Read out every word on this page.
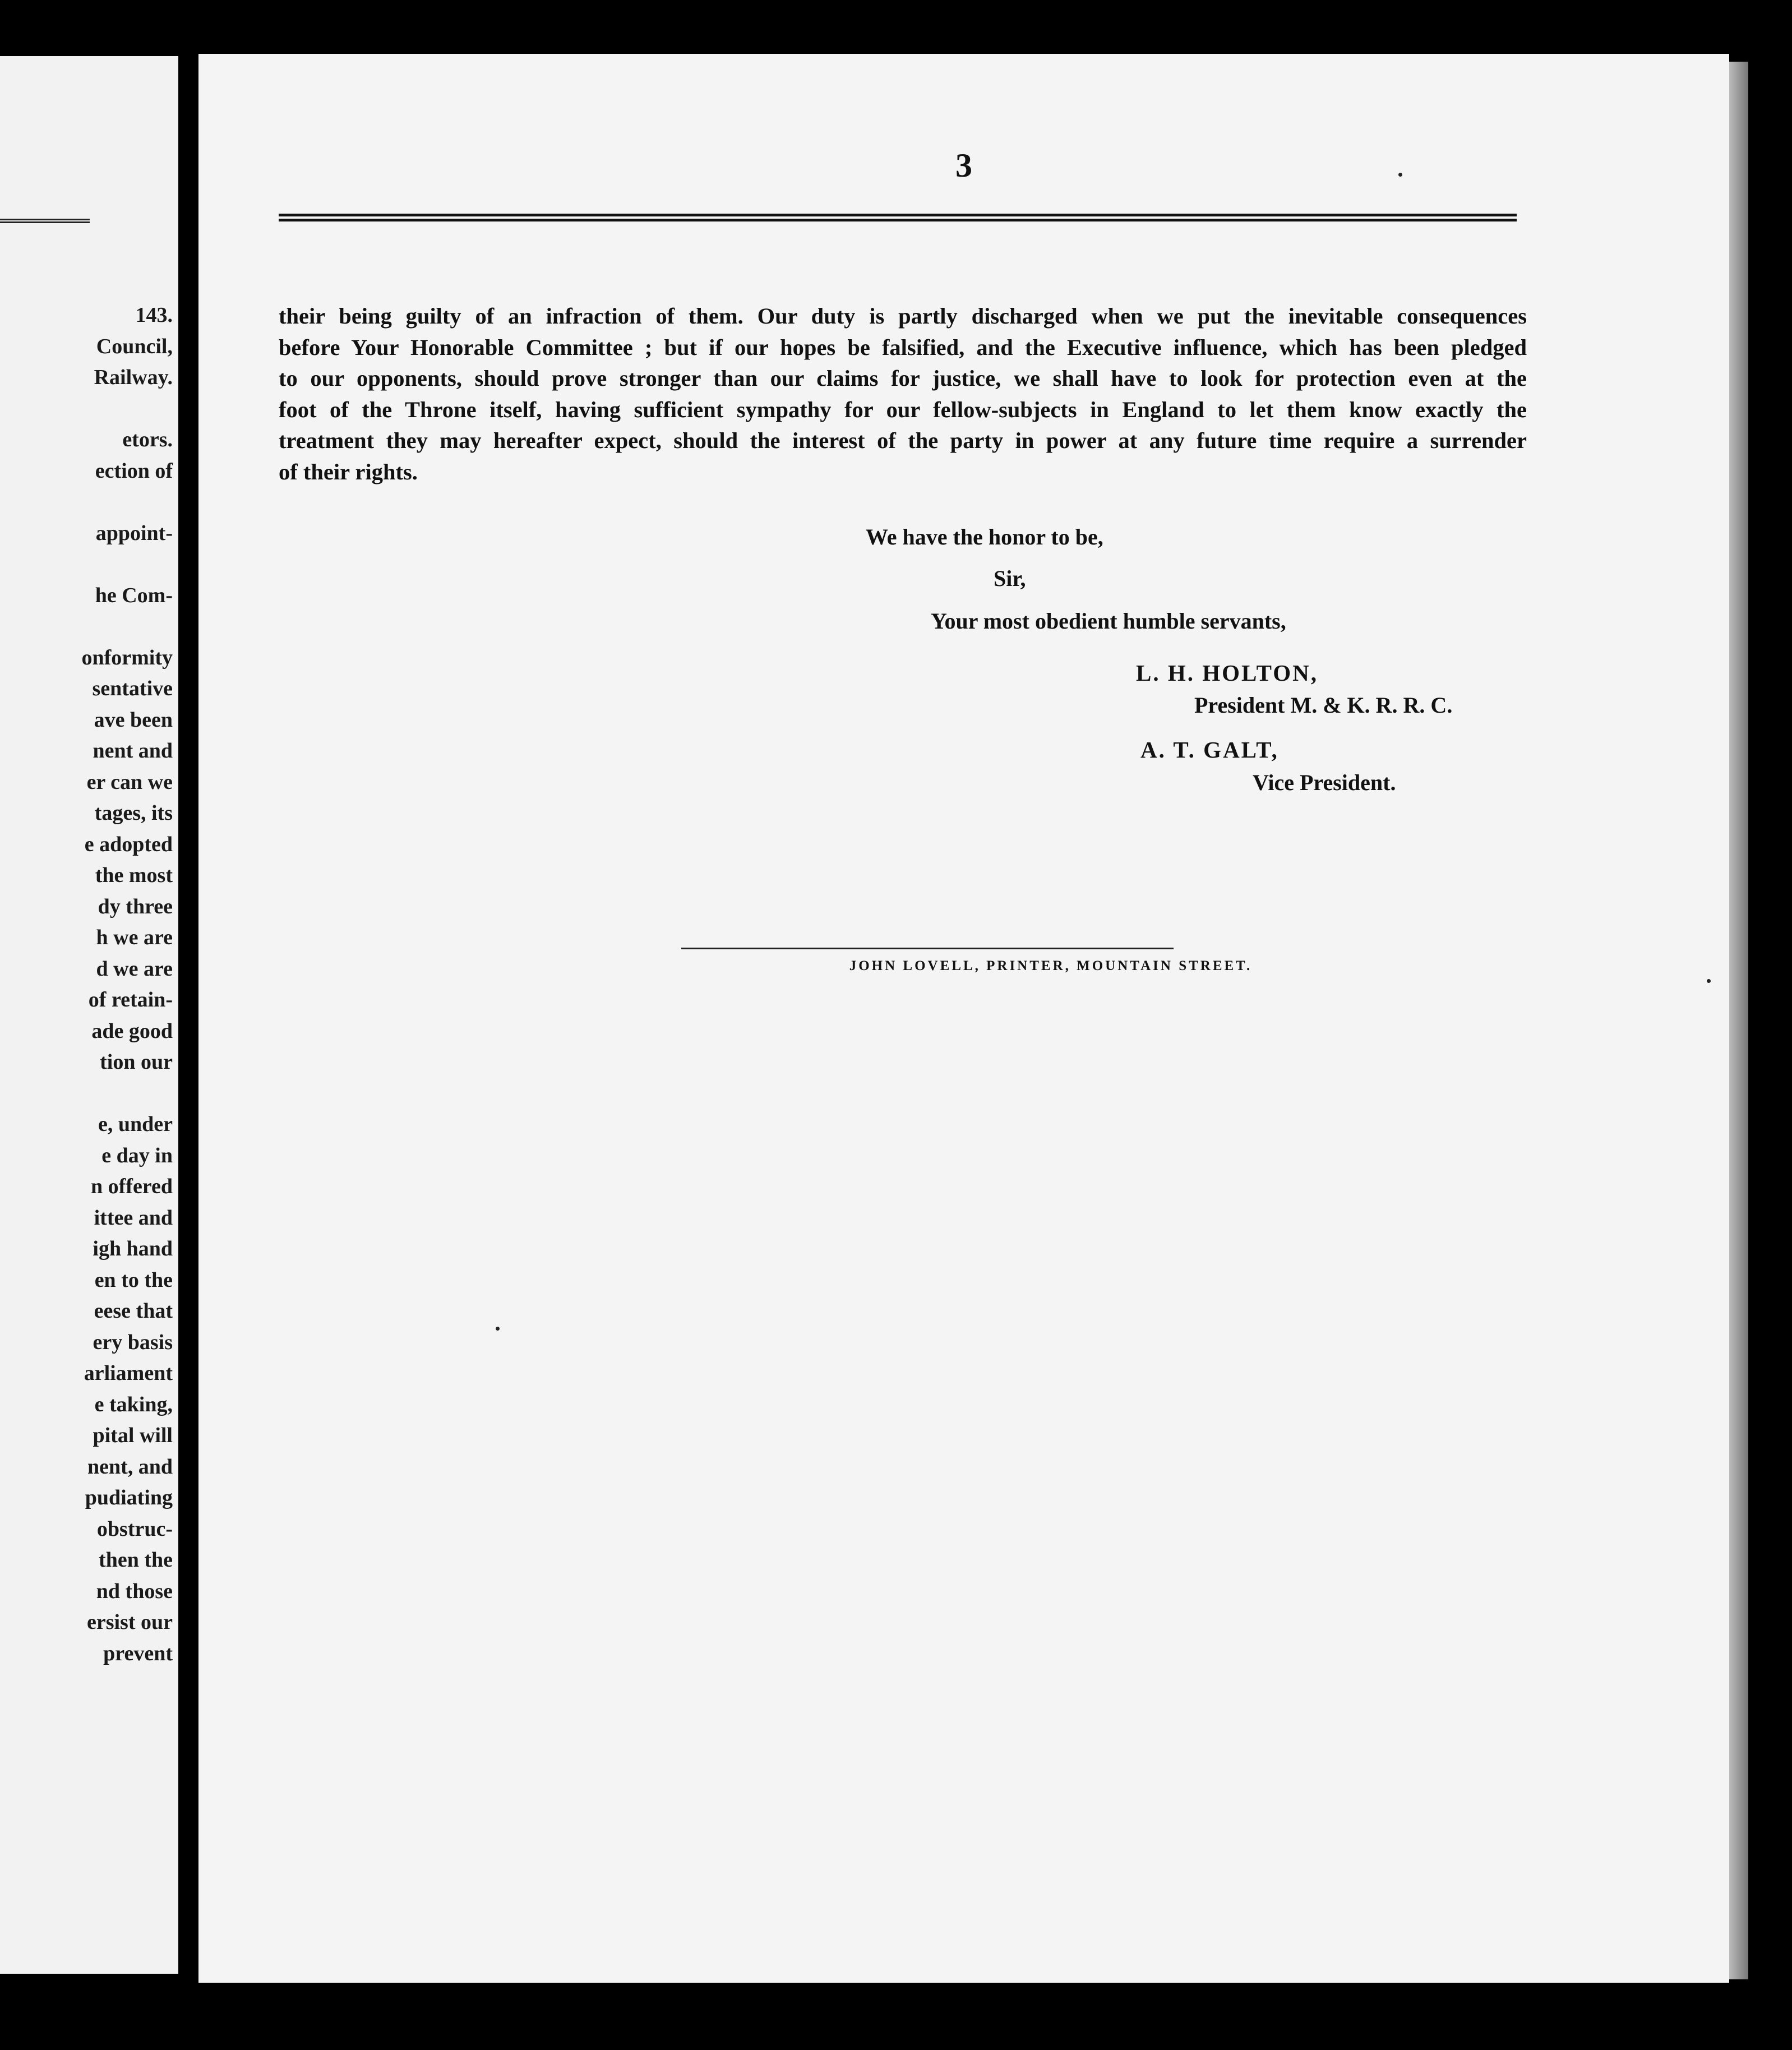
143.
Council,
Railway.

etors.
ection of

appoint-

he Com-

onformity
sentative
ave been
nent and
er can we
tages, its
e adopted
the most
dy three
h we are
d we are
of retain-
ade good
tion our

e, under
e day in
n offered
ittee and
igh hand
en to the
eese that
ery basis
arliament
e taking,
pital will
nent, and
pudiating
obstruc-
then the
nd those
ersist our
prevent
3
their being guilty of an infraction of them. Our duty is partly discharged when we put the inevitable consequences
before Your Honorable Committee ; but if our hopes be falsified, and the Executive influence, which has been pledged
to our opponents, should prove stronger than our claims for justice, we shall have to look for protection even at the
foot of the Throne itself, having sufficient sympathy for our fellow-subjects in England to let them know exactly the
treatment they may hereafter expect, should the interest of the party in power at any future time require a surrender
of their rights.
We have the honor to be,
Sir,
Your most obedient humble servants,
L. H. HOLTON,
President M. & K. R. R. C.
A. T. GALT,
Vice President.
JOHN LOVELL, PRINTER, MOUNTAIN STREET.
